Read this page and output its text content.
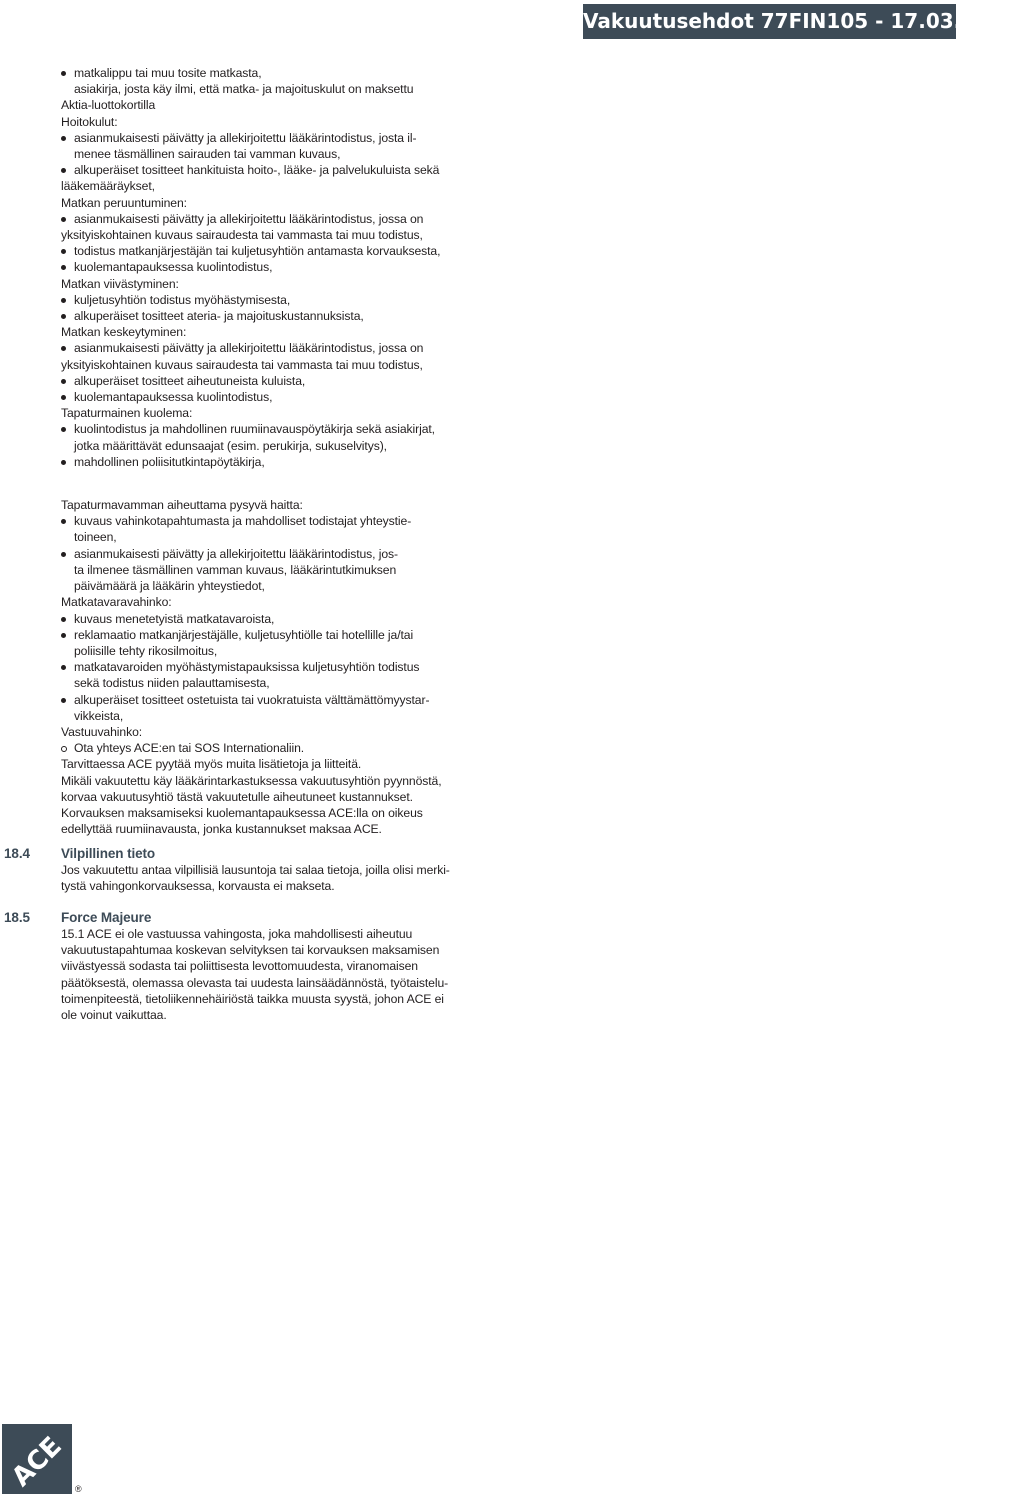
Vakuutusehdot 77FIN105 - 17.03.2016
matkalippu tai muu tosite matkasta,
asiakirja, josta käy ilmi, että matka- ja majoituskulut on maksettu
Aktia-luottokortilla
Hoitokulut:
asianmukaisesti päivätty ja allekirjoitettu lääkärintodistus, josta il-
menee täsmällinen sairauden tai vamman kuvaus,
alkuperäiset tositteet hankituista hoito-, lääke- ja palvelukuluista sekä
lääkemääräykset,
Matkan peruuntuminen:
asianmukaisesti päivätty ja allekirjoitettu lääkärintodistus, jossa on
yksityiskohtainen kuvaus sairaudesta tai vammasta tai muu todistus,
todistus matkanjärjestäjän tai kuljetusyhtiön antamasta korvauksesta,
kuolemantapauksessa kuolintodistus,
Matkan viivästyminen:
kuljetusyhtiön todistus myöhästymisesta,
alkuperäiset tositteet ateria- ja majoituskustannuksista,
Matkan keskeytyminen:
asianmukaisesti päivätty ja allekirjoitettu lääkärintodistus, jossa on
yksityiskohtainen kuvaus sairaudesta tai vammasta tai muu todistus,
alkuperäiset tositteet aiheutuneista kuluista,
kuolemantapauksessa kuolintodistus,
Tapaturmainen kuolema:
kuolintodistus ja mahdollinen ruumiinavauspöytäkirja sekä asiakirjat,
jotka määrittävät edunsaajat (esim. perukirja, sukuselvitys),
mahdollinen poliisitutkintapöytäkirja,
Tapaturmavamman aiheuttama pysyvä haitta:
kuvaus vahinkotapahtumasta ja mahdolliset todistajat yhteystie-
toineen,
asianmukaisesti päivätty ja allekirjoitettu lääkärintodistus, jos-
ta ilmenee täsmällinen vamman kuvaus, lääkärintutkimuksen
päivämäärä ja lääkärin yhteystiedot,
Matkatavaravahinko:
kuvaus menetetyistä matkatavaroista,
reklamaatio matkanjärjestäjälle, kuljetusyhtiölle tai hotellille ja/tai
poliisille tehty rikosilmoitus,
matkatavaroiden myöhästymistapauksissa kuljetusyhtiön todistus
sekä todistus niiden palauttamisesta,
alkuperäiset tositteet ostetuista tai vuokratuista välttämättömyystar-
vikkeista,
Vastuuvahinko:
Ota yhteys ACE:en tai SOS Internationaliin.
Tarvittaessa ACE pyytää myös muita lisätietoja ja liitteitä.
Mikäli vakuutettu käy lääkärintarkastuksessa vakuutusyhtiön pyynnöstä,
korvaa vakuutusyhtiö tästä vakuutetulle aiheutuneet kustannukset.
Korvauksen maksamiseksi kuolemantapauksessa ACE:lla on oikeus
edellyttää ruumiinavausta, jonka kustannukset maksaa ACE.
18.4 Vilpillinen tieto
Jos vakuutettu antaa vilpillisiä lausuntoja tai salaa tietoja, joilla olisi merki-
tystä vahingonkorvauksessa, korvausta ei makseta.
18.5 Force Majeure
15.1 ACE ei ole vastuussa vahingosta, joka mahdollisesti aiheutuu
vakuutustapahtumaa koskevan selvityksen tai korvauksen maksamisen
viivästyessä sodasta tai poliittisesta levottomuudesta, viranomaisen
päätöksestä, olemassa olevasta tai uudesta lainsäädännöstä, työtaistelu-
toimenpiteestä, tietoliikennehäiriöstä taikka muusta syystä, johon ACE ei
ole voinut vaikuttaa.
ACE ®
